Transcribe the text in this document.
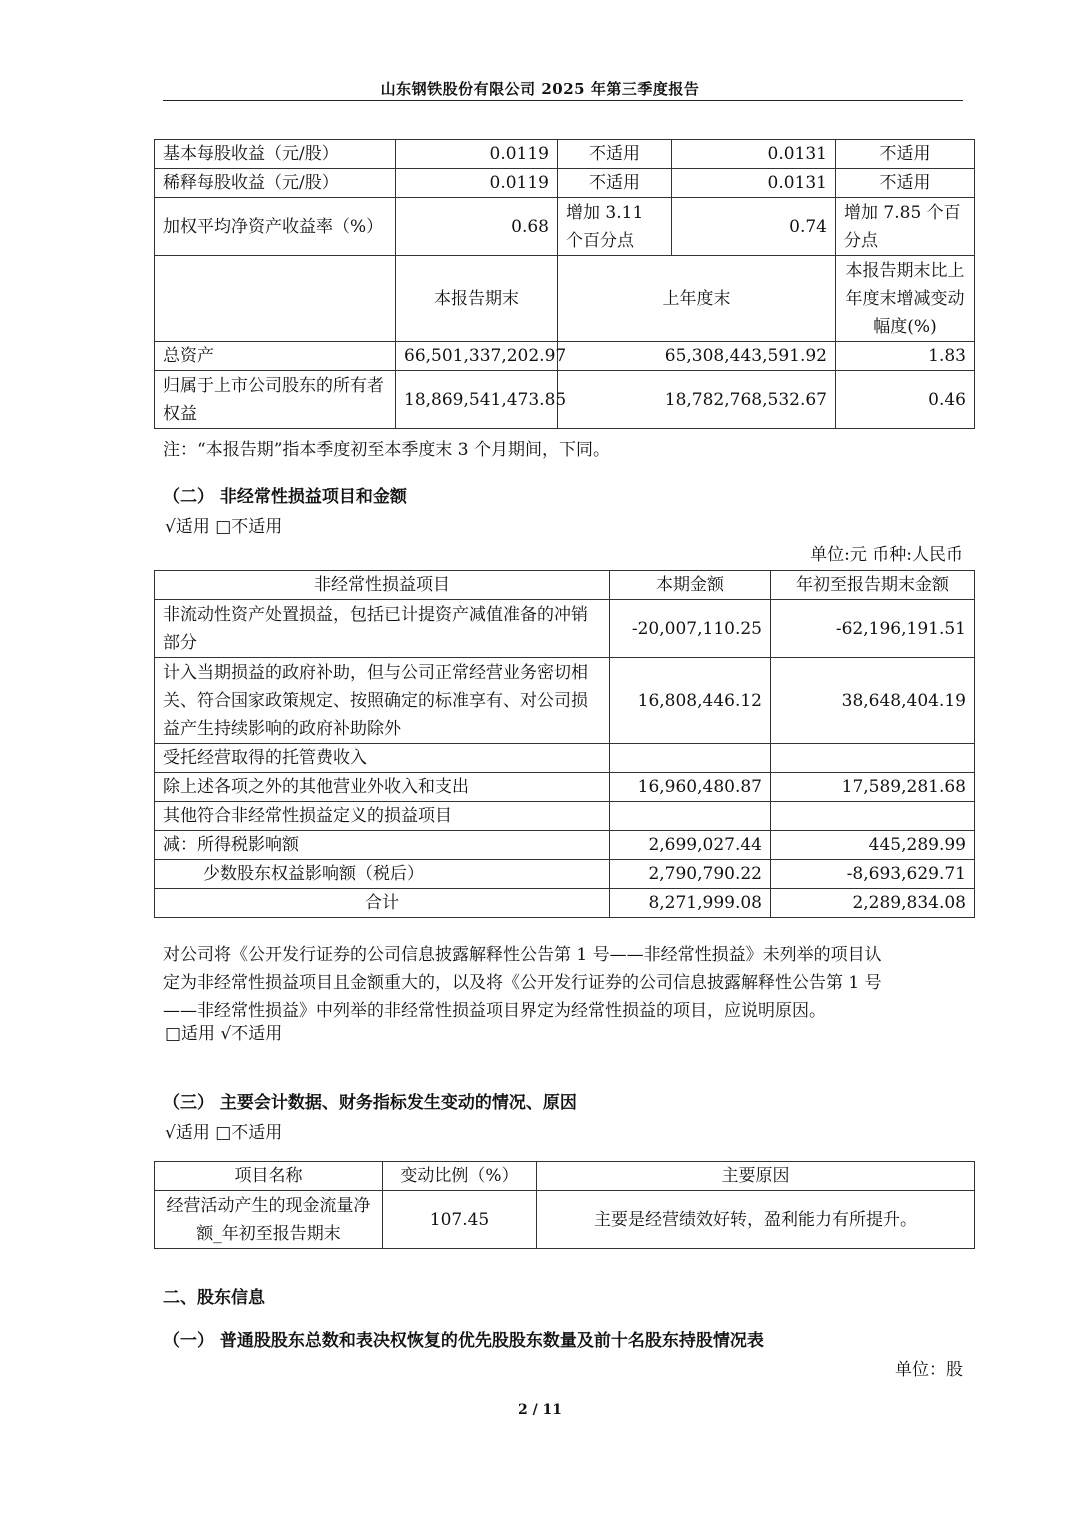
山东钢铁股份有限公司 2025 年第三季度报告
基本每股收益（元/股）	0.0119	不适用	0.0131	不适用
稀释每股收益（元/股）	0.0119	不适用	0.0131	不适用
加权平均净资产收益率（%）	0.68	增加 3.11 个百分点	0.74	增加 7.85 个百分点
	本报告期末	上年度末		本报告期末比上年度末增减变动幅度(%)
总资产	66,501,337,202.97	65,308,443,591.92		1.83
归属于上市公司股东的所有者权益	18,869,541,473.85	18,782,768,532.67		0.46
注：“本报告期”指本季度初至本季度末 3 个月期间，下同。
（二） 非经常性损益项目和金额
√适用 □不适用
单位:元 币种:人民币
非经常性损益项目	本期金额	年初至报告期末金额
非流动性资产处置损益，包括已计提资产减值准备的冲销部分	-20,007,110.25	-62,196,191.51
计入当期损益的政府补助，但与公司正常经营业务密切相关、符合国家政策规定、按照确定的标准享有、对公司损益产生持续影响的政府补助除外	16,808,446.12	38,648,404.19
受托经营取得的托管费收入		
除上述各项之外的其他营业外收入和支出	16,960,480.87	17,589,281.68
其他符合非经常性损益定义的损益项目		
减：所得税影响额	2,699,027.44	445,289.99
少数股东权益影响额（税后）	2,790,790.22	-8,693,629.71
合计	8,271,999.08	2,289,834.08
对公司将《公开发行证券的公司信息披露解释性公告第 1 号——非经常性损益》未列举的项目认
定为非经常性损益项目且金额重大的，以及将《公开发行证券的公司信息披露解释性公告第 1 号
——非经常性损益》中列举的非经常性损益项目界定为经常性损益的项目，应说明原因。
□适用 √不适用
（三） 主要会计数据、财务指标发生变动的情况、原因
√适用 □不适用
项目名称	变动比例（%）	主要原因
经营活动产生的现金流量净额_年初至报告期末	107.45	主要是经营绩效好转，盈利能力有所提升。
二、股东信息
（一） 普通股股东总数和表决权恢复的优先股股东数量及前十名股东持股情况表
单位：股
2 / 11
